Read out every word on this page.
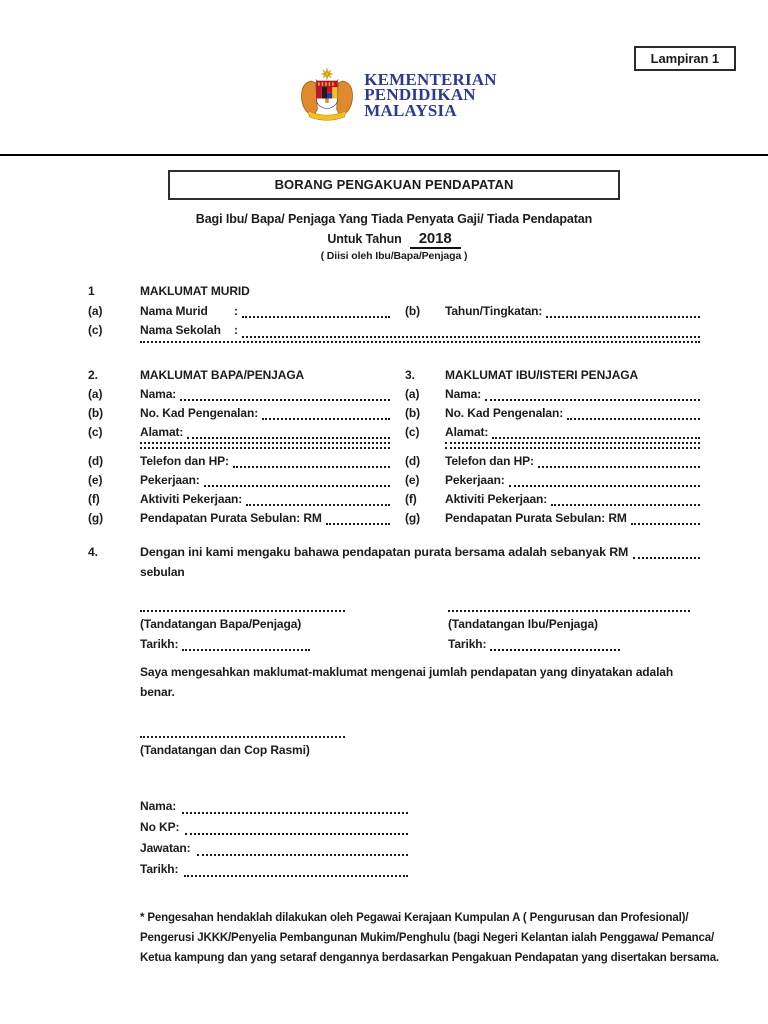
Lampiran 1
KEMENTERIAN
PENDIDIKAN
MALAYSIA
BORANG PENGAKUAN PENDAPATAN
Bagi Ibu/ Bapa/ Penjaga Yang Tiada Penyata Gaji/ Tiada Pendapatan
Untuk Tahun 2018
( Diisi oleh Ibu/Bapa/Penjaga )
1	MAKLUMAT MURID
(a)	Nama Murid	:	(b)	Tahun/Tingkatan:
(c)	Nama Sekolah	:
2.	MAKLUMAT BAPA/PENJAGA	3.	MAKLUMAT IBU/ISTERI PENJAGA
(a)	Nama:	(a)	Nama:
(b)	No. Kad Pengenalan:	(b)	No. Kad Pengenalan:
(c)	Alamat:	(c)	Alamat:
(d)	Telefon dan HP:	(d)	Telefon dan HP:
(e)	Pekerjaan:	(e)	Pekerjaan:
(f)	Aktiviti Pekerjaan:	(f)	Aktiviti Pekerjaan:
(g)	Pendapatan Purata Sebulan: RM	(g)	Pendapatan Purata Sebulan: RM
4.	Dengan ini kami mengaku bahawa pendapatan purata bersama adalah sebanyak RM
sebulan
(Tandatangan Bapa/Penjaga)
Tarikh:
(Tandatangan Ibu/Penjaga)
Tarikh:
Saya mengesahkan maklumat-maklumat mengenai jumlah pendapatan yang dinyatakan adalah
benar.
(Tandatangan dan Cop Rasmi)
Nama:
No KP:
Jawatan:
Tarikh:
* Pengesahan hendaklah dilakukan oleh Pegawai Kerajaan Kumpulan A ( Pengurusan dan Profesional)/
Pengerusi JKKK/Penyelia Pembangunan Mukim/Penghulu (bagi Negeri Kelantan ialah Penggawa/ Pemanca/
Ketua kampung dan yang setaraf dengannya berdasarkan Pengakuan Pendapatan yang disertakan bersama.
